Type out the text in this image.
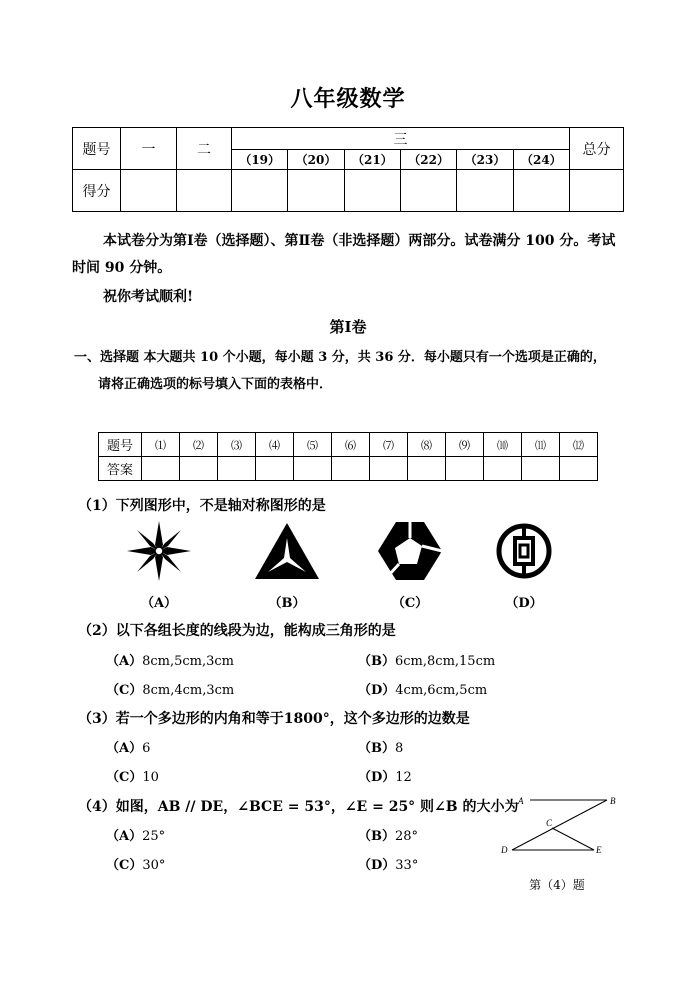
八年级数学
题号	一	二	三						总分
			（19）	（20）	（21）	（22）	（23）	（24）	
得分									
本试卷分为第Ⅰ卷（选择题）、第Ⅱ卷（非选择题）两部分。试卷满分 100 分。考试
时间 90 分钟。
祝你考试顺利!
第Ⅰ卷
一、选择题 本大题共 10 个小题，每小题 3 分，共 36 分．每小题只有一个选项是正确的，
请将正确选项的标号填入下面的表格中．
题号	⑴	⑵	⑶	⑷	⑸	⑹	⑺	⑻	⑼	⑽	⑾	⑿
答案												
（1）下列图形中，不是轴对称图形的是
（A）	（B）	（C）	（D）
（2）以下各组长度的线段为边，能构成三角形的是
（A）8cm,5cm,3cm	（B）6cm,8cm,15cm
（C）8cm,4cm,3cm	（D）4cm,6cm,5cm
（3）若一个多边形的内角和等于1800°，这个多边形的边数是
（A）6	（B）8
（C）10	（D）12
（4）如图，AB // DE，∠BCE = 53°，∠E = 25° 则∠B 的大小为
（A）25°	（B）28°
（C）30°	（D）33°
A	B
C
D	E
第（4）题
